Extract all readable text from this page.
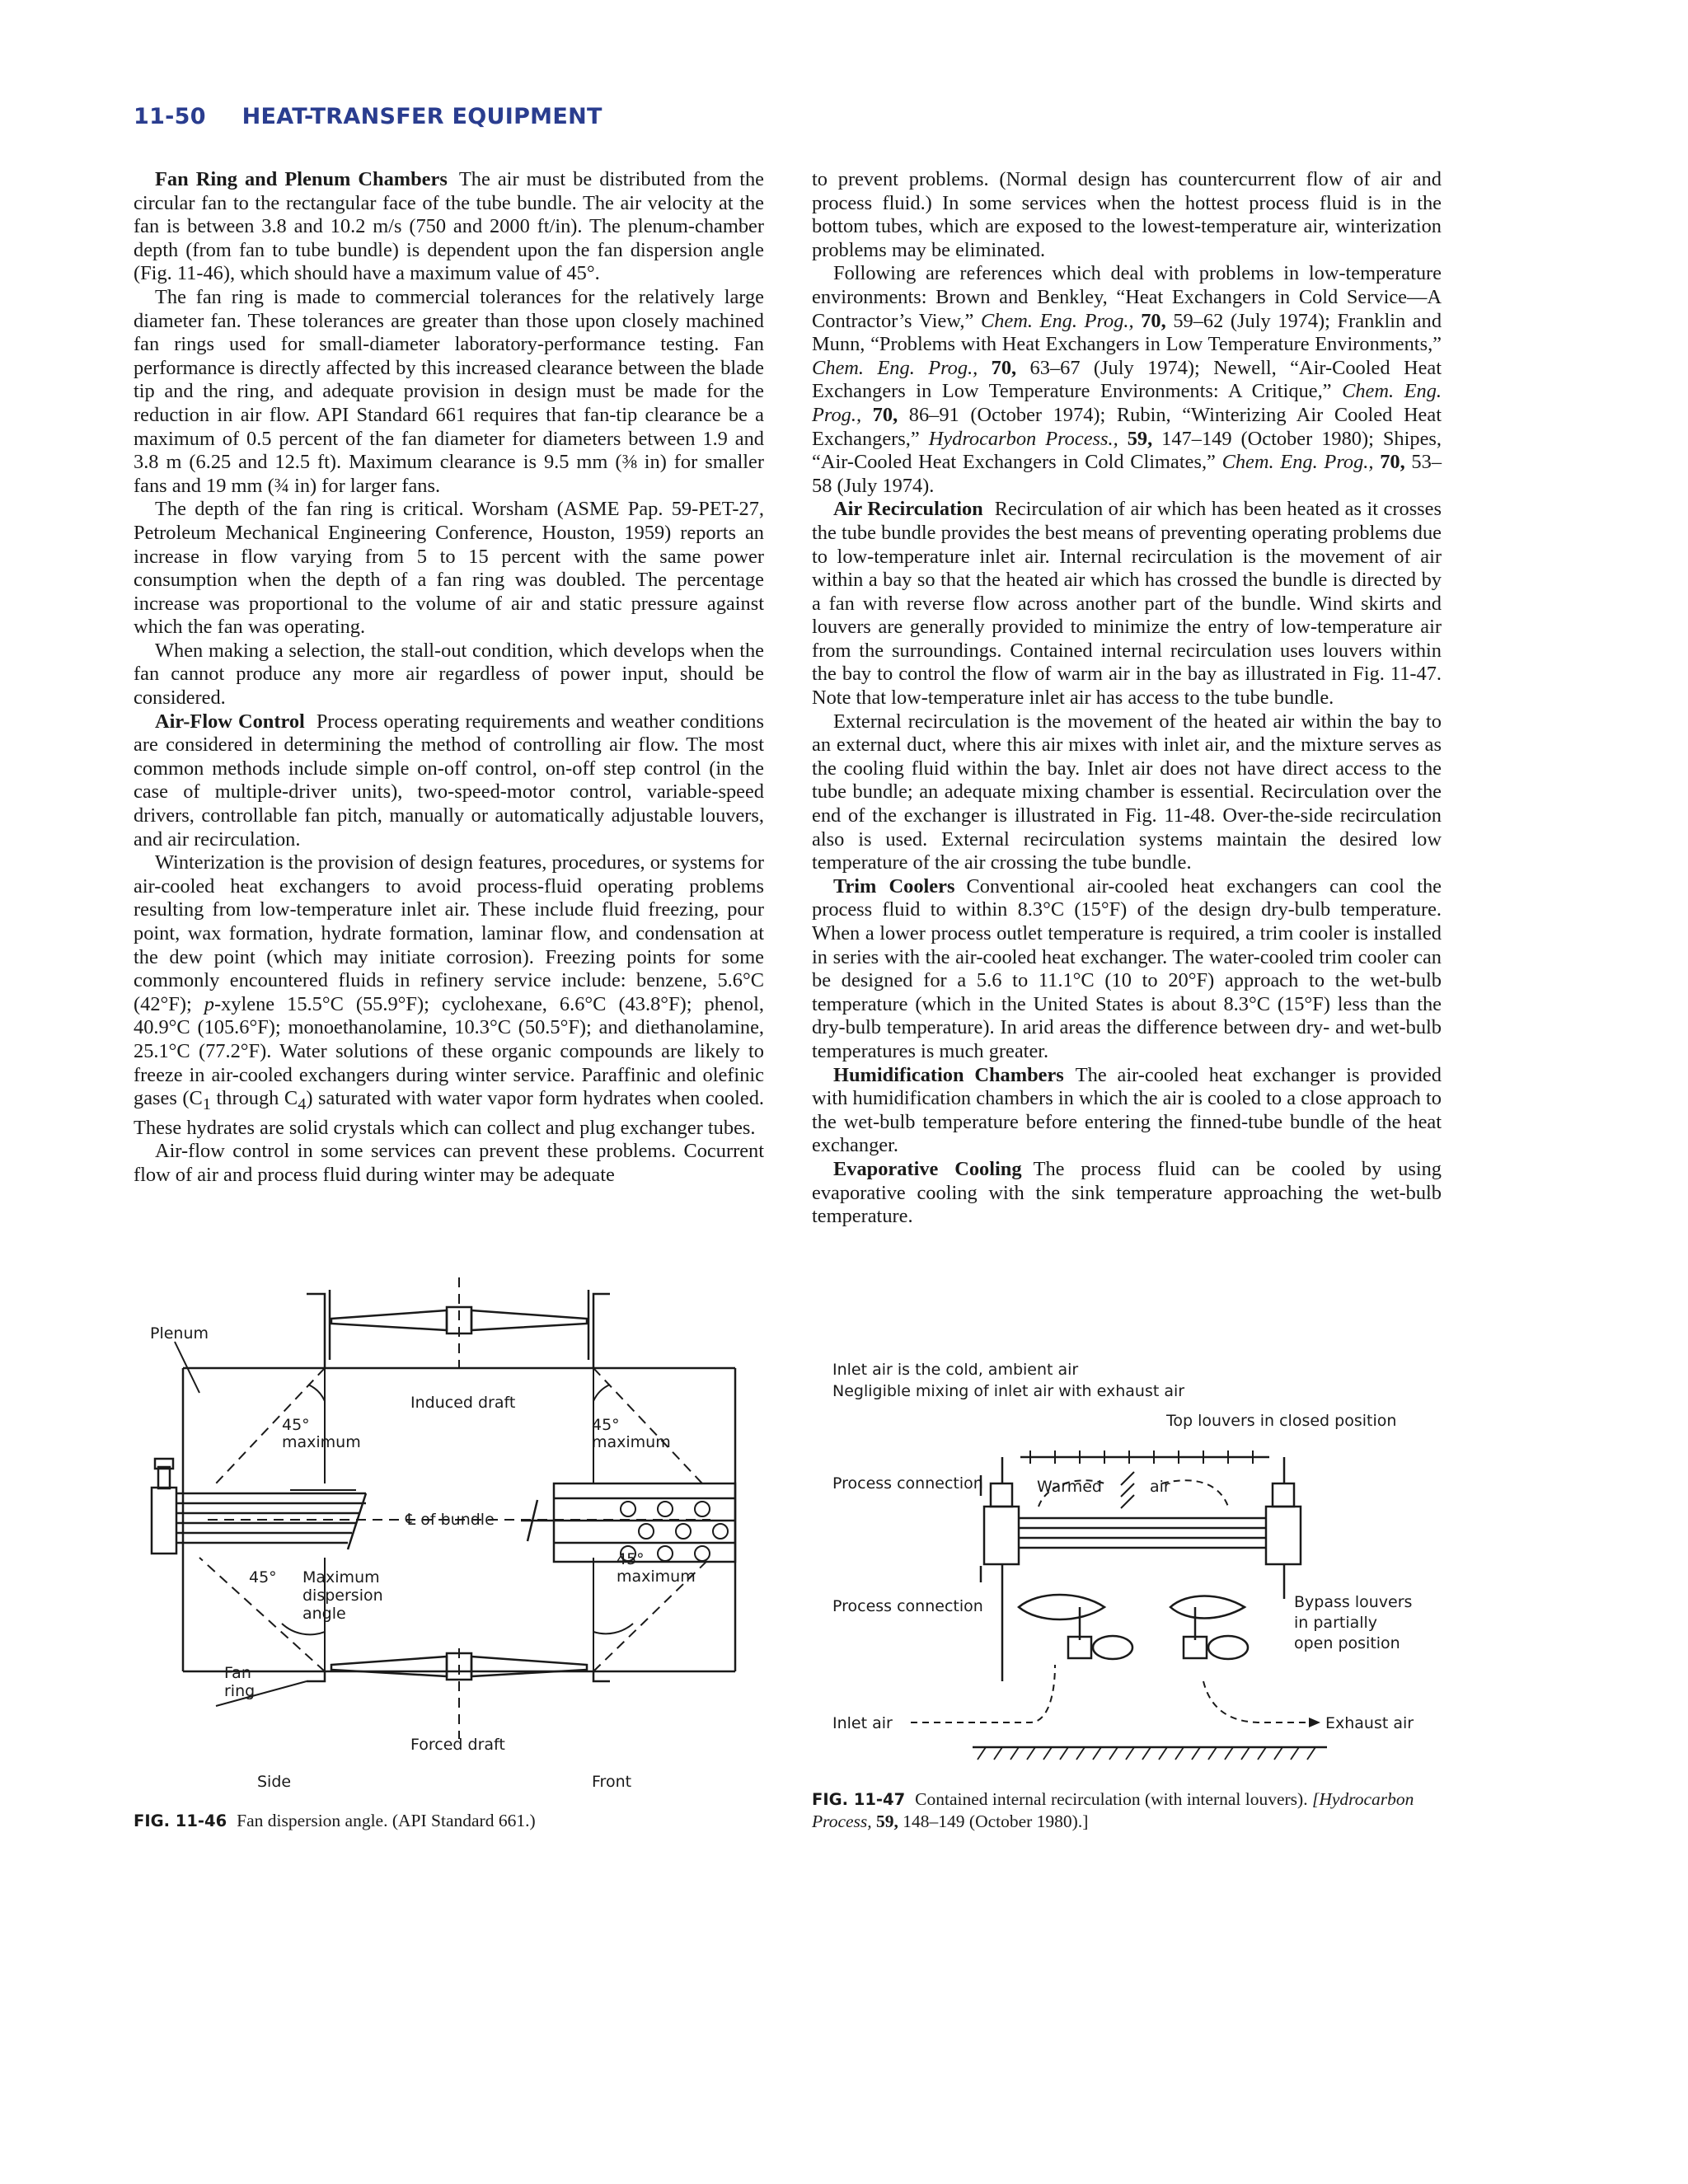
11-50 HEAT-TRANSFER EQUIPMENT

Fan Ring and Plenum Chambers The air must be distributed from the circular fan to the rectangular face of the tube bundle. The air velocity at the fan is between 3.8 and 10.2 m/s (750 and 2000 ft/in). The plenum-chamber depth (from fan to tube bundle) is dependent upon the fan dispersion angle (Fig. 11-46), which should have a maximum value of 45°.

The fan ring is made to commercial tolerances for the relatively large diameter fan. These tolerances are greater than those upon closely machined fan rings used for small-diameter laboratory-performance testing. Fan performance is directly affected by this increased clearance between the blade tip and the ring, and adequate provision in design must be made for the reduction in air flow. API Standard 661 requires that fan-tip clearance be a maximum of 0.5 percent of the fan diameter for diameters between 1.9 and 3.8 m (6.25 and 12.5 ft). Maximum clearance is 9.5 mm (⅜ in) for smaller fans and 19 mm (¾ in) for larger fans.

The depth of the fan ring is critical. Worsham (ASME Pap. 59-PET-27, Petroleum Mechanical Engineering Conference, Houston, 1959) reports an increase in flow varying from 5 to 15 percent with the same power consumption when the depth of a fan ring was doubled. The percentage increase was proportional to the volume of air and static pressure against which the fan was operating.

When making a selection, the stall-out condition, which develops when the fan cannot produce any more air regardless of power input, should be considered.

Air-Flow Control Process operating requirements and weather conditions are considered in determining the method of controlling air flow. The most common methods include simple on-off control, on-off step control (in the case of multiple-driver units), two-speed-motor control, variable-speed drivers, controllable fan pitch, manually or automatically adjustable louvers, and air recirculation.

Winterization is the provision of design features, procedures, or systems for air-cooled heat exchangers to avoid process-fluid operating problems resulting from low-temperature inlet air. These include fluid freezing, pour point, wax formation, hydrate formation, laminar flow, and condensation at the dew point (which may initiate corrosion). Freezing points for some commonly encountered fluids in refinery service include: benzene, 5.6°C (42°F); p-xylene 15.5°C (55.9°F); cyclohexane, 6.6°C (43.8°F); phenol, 40.9°C (105.6°F); monoethanolamine, 10.3°C (50.5°F); and diethanolamine, 25.1°C (77.2°F). Water solutions of these organic compounds are likely to freeze in air-cooled exchangers during winter service. Paraffinic and olefinic gases ($C_1$ through $C_4$) saturated with water vapor form hydrates when cooled. These hydrates are solid crystals which can collect and plug exchanger tubes.

Air-flow control in some services can prevent these problems. Cocurrent flow of air and process fluid during winter may be adequate

to prevent problems. (Normal design has countercurrent flow of air and process fluid.) In some services when the hottest process fluid is in the bottom tubes, which are exposed to the lowest-temperature air, winterization problems may be eliminated.

Following are references which deal with problems in low-temperature environments: Brown and Benkley, “Heat Exchangers in Cold Service—A Contractor’s View,” Chem. Eng. Prog., 70, 59–62 (July 1974); Franklin and Munn, “Problems with Heat Exchangers in Low Temperature Environments,” Chem. Eng. Prog., 70, 63–67 (July 1974); Newell, “Air-Cooled Heat Exchangers in Low Temperature Environments: A Critique,” Chem. Eng. Prog., 70, 86–91 (October 1974); Rubin, “Winterizing Air Cooled Heat Exchangers,” Hydrocarbon Process., 59, 147–149 (October 1980); Shipes, “Air-Cooled Heat Exchangers in Cold Climates,” Chem. Eng. Prog., 70, 53–58 (July 1974).

Air Recirculation Recirculation of air which has been heated as it crosses the tube bundle provides the best means of preventing operating problems due to low-temperature inlet air. Internal recirculation is the movement of air within a bay so that the heated air which has crossed the bundle is directed by a fan with reverse flow across another part of the bundle. Wind skirts and louvers are generally provided to minimize the entry of low-temperature air from the surroundings. Contained internal recirculation uses louvers within the bay to control the flow of warm air in the bay as illustrated in Fig. 11-47. Note that low-temperature inlet air has access to the tube bundle.

External recirculation is the movement of the heated air within the bay to an external duct, where this air mixes with inlet air, and the mixture serves as the cooling fluid within the bay. Inlet air does not have direct access to the tube bundle; an adequate mixing chamber is essential. Recirculation over the end of the exchanger is illustrated in Fig. 11-48. Over-the-side recirculation also is used. External recirculation systems maintain the desired low temperature of the air crossing the tube bundle.

Trim Coolers Conventional air-cooled heat exchangers can cool the process fluid to within 8.3°C (15°F) of the design dry-bulb temperature. When a lower process outlet temperature is required, a trim cooler is installed in series with the air-cooled heat exchanger. The water-cooled trim cooler can be designed for a 5.6 to 11.1°C (10 to 20°F) approach to the wet-bulb temperature (which in the United States is about 8.3°C (15°F) less than the dry-bulb temperature). In arid areas the difference between dry- and wet-bulb temperatures is much greater.

Humidification Chambers The air-cooled heat exchanger is provided with humidification chambers in which the air is cooled to a close approach to the wet-bulb temperature before entering the finned-tube bundle of the heat exchanger.

Evaporative Cooling The process fluid can be cooled by using evaporative cooling with the sink temperature approaching the wet-bulb temperature.

Plenum
Induced draft
45°
maximum
45°
maximum
℄ of bundle
45° Maximum
dispersion
angle
45°
maximum
Fan
ring
Forced draft
Side	Front
FIG. 11-46 Fan dispersion angle. (API Standard 661.)
Inlet air is the cold, ambient air
Negligible mixing of inlet air with exhaust air
Top louvers in closed position
Process connection	Warmed	air
Process connection	Bypass louvers
in partially
open position
Inlet air	Exhaust air
FIG. 11-47 Contained internal recirculation (with internal louvers). [Hydrocarbon Process, 59, 148–149 (October 1980).]
